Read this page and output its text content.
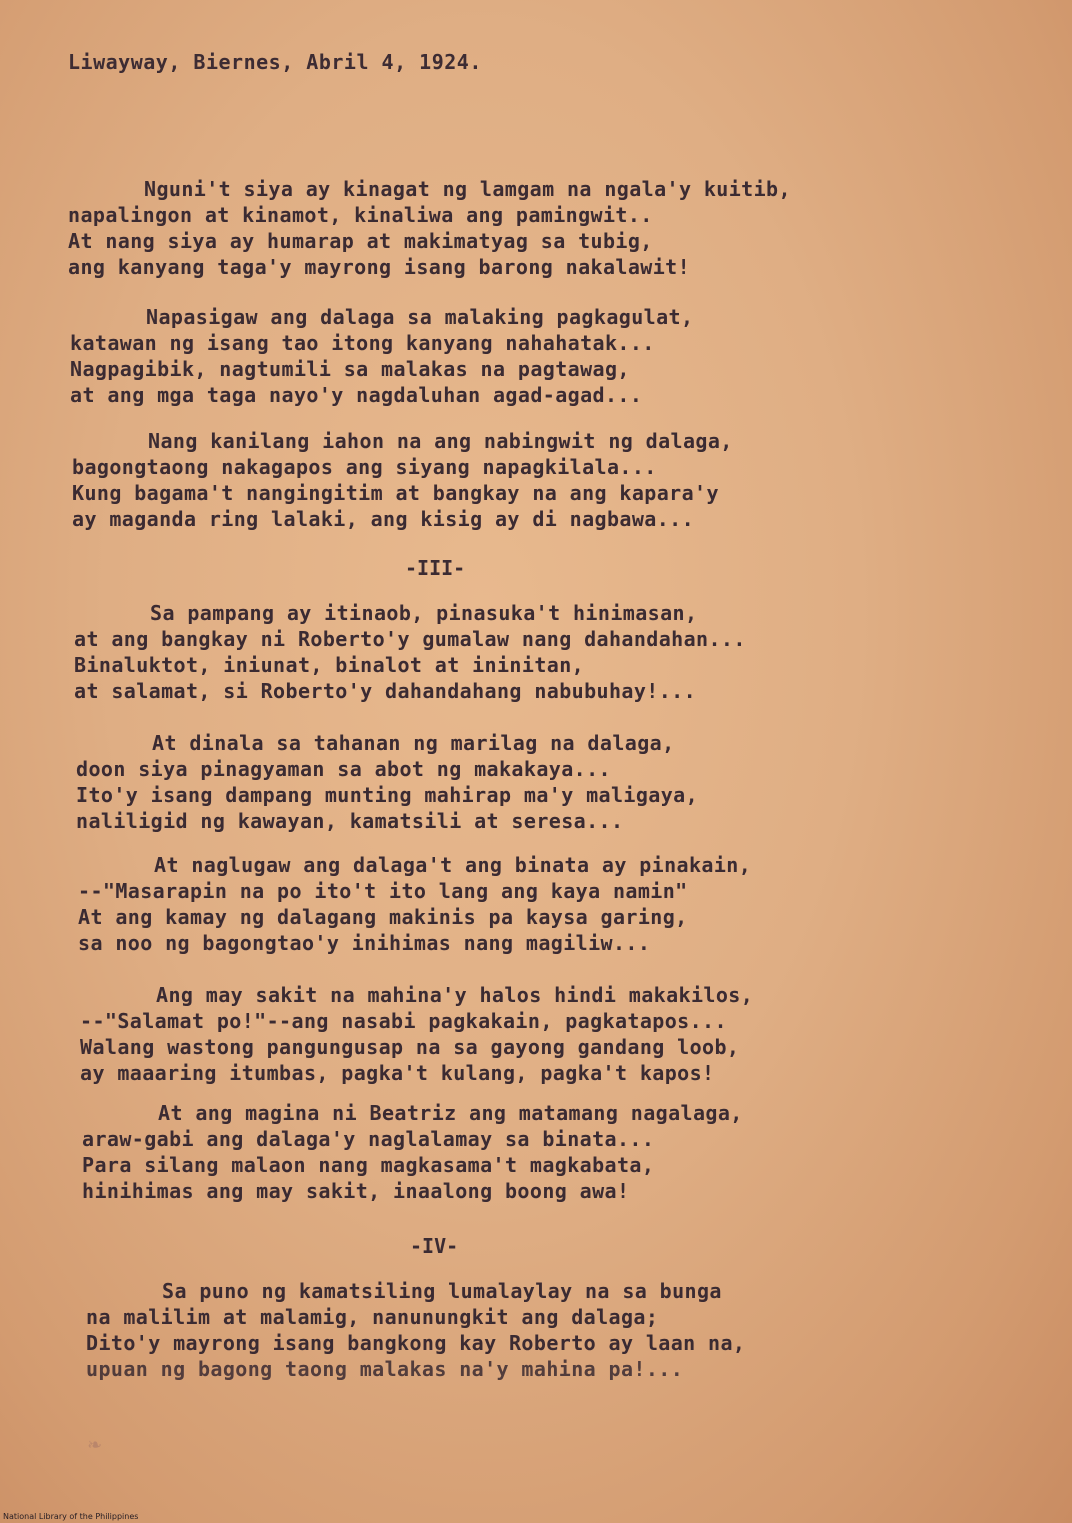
Liwayway, Biernes, Abril 4, 1924.
Nguni't siya ay kinagat ng lamgam na ngala'y kuitib,
napalingon at kinamot, kinaliwa ang pamingwit..
At nang siya ay humarap at makimatyag sa tubig,
ang kanyang taga'y mayrong isang barong nakalawit!
Napasigaw ang dalaga sa malaking pagkagulat,
katawan ng isang tao itong kanyang nahahatak...
Nagpagibik, nagtumili sa malakas na pagtawag,
at ang mga taga nayo'y nagdaluhan agad-agad...
Nang kanilang iahon na ang nabingwit ng dalaga,
bagongtaong nakagapos ang siyang napagkilala...
Kung bagama't nangingitim at bangkay na ang kapara'y
ay maganda ring lalaki, ang kisig ay di nagbawa...
-III-
Sa pampang ay itinaob, pinasuka't hinimasan,
at ang bangkay ni Roberto'y gumalaw nang dahandahan...
Binaluktot, iniunat, binalot at ininitan,
at salamat, si Roberto'y dahandahang nabubuhay!...
At dinala sa tahanan ng marilag na dalaga,
doon siya pinagyaman sa abot ng makakaya...
Ito'y isang dampang munting mahirap ma'y maligaya,
naliligid ng kawayan, kamatsili at seresa...
At naglugaw ang dalaga't ang binata ay pinakain,
--"Masarapin na po ito't ito lang ang kaya namin"
At ang kamay ng dalagang makinis pa kaysa garing,
sa noo ng bagongtao'y inihimas nang magiliw...
Ang may sakit na mahina'y halos hindi makakilos,
--"Salamat po!"--ang nasabi pagkakain, pagkatapos...
Walang wastong pangungusap na sa gayong gandang loob,
ay maaaring itumbas, pagka't kulang, pagka't kapos!
At ang magina ni Beatriz ang matamang nagalaga,
araw-gabi ang dalaga'y naglalamay sa binata...
Para silang malaon nang magkasama't magkabata,
hinihimas ang may sakit, inaalong boong awa!
-IV-
Sa puno ng kamatsiling lumalaylay na sa bunga
na malilim at malamig, nanunungkit ang dalaga;
Dito'y mayrong isang bangkong kay Roberto ay laan na,
upuan ng bagong taong malakas na'y mahina pa!...
❧
National Library of the Philippines
